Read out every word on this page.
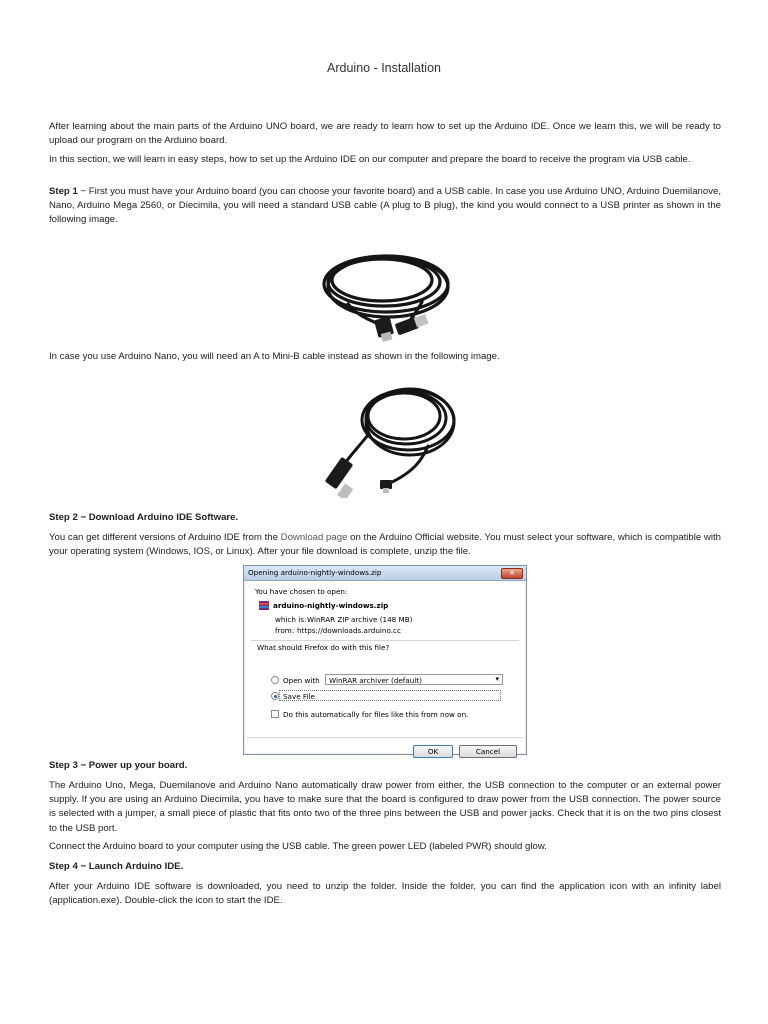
Arduino - Installation

After learning about the main parts of the Arduino UNO board, we are ready to learn how to set up the Arduino IDE. Once we learn this, we will be ready to upload our program on the Arduino board.

In this section, we will learn in easy steps, how to set up the Arduino IDE on our computer and prepare the board to receive the program via USB cable.

Step 1 − First you must have your Arduino board (you can choose your favorite board) and a USB cable. In case you use Arduino UNO, Arduino Duemilanove, Nano, Arduino Mega 2560, or Diecimila, you will need a standard USB cable (A plug to B plug), the kind you would connect to a USB printer as shown in the following image.

In case you use Arduino Nano, you will need an A to Mini-B cable instead as shown in the following image.

Step 2 − Download Arduino IDE Software.

You can get different versions of Arduino IDE from the Download page on the Arduino Official website. You must select your software, which is compatible with your operating system (Windows, IOS, or Linux). After your file download is complete, unzip the file.

Step 3 − Power up your board.

The Arduino Uno, Mega, Duemilanove and Arduino Nano automatically draw power from either, the USB connection to the computer or an external power supply. If you are using an Arduino Diecimila, you have to make sure that the board is configured to draw power from the USB connection. The power source is selected with a jumper, a small piece of plastic that fits onto two of the three pins between the USB and power jacks. Check that it is on the two pins closest to the USB port.

Connect the Arduino board to your computer using the USB cable. The green power LED (labeled PWR) should glow.

Step 4 − Launch Arduino IDE.

After your Arduino IDE software is downloaded, you need to unzip the folder. Inside the folder, you can find the application icon with an infinity label (application.exe). Double-click the icon to start the IDE.

Opening arduino-nightly-windows.zip	✕
You have chosen to open:
arduino-nightly-windows.zip
which is: WinRAR ZIP archive (148 MB)
from: https://downloads.arduino.cc
What should Firefox do with this file?
Open with WinRAR archiver (default)	▾
Save File
Do this automatically for files like this from now on.
OK	Cancel
